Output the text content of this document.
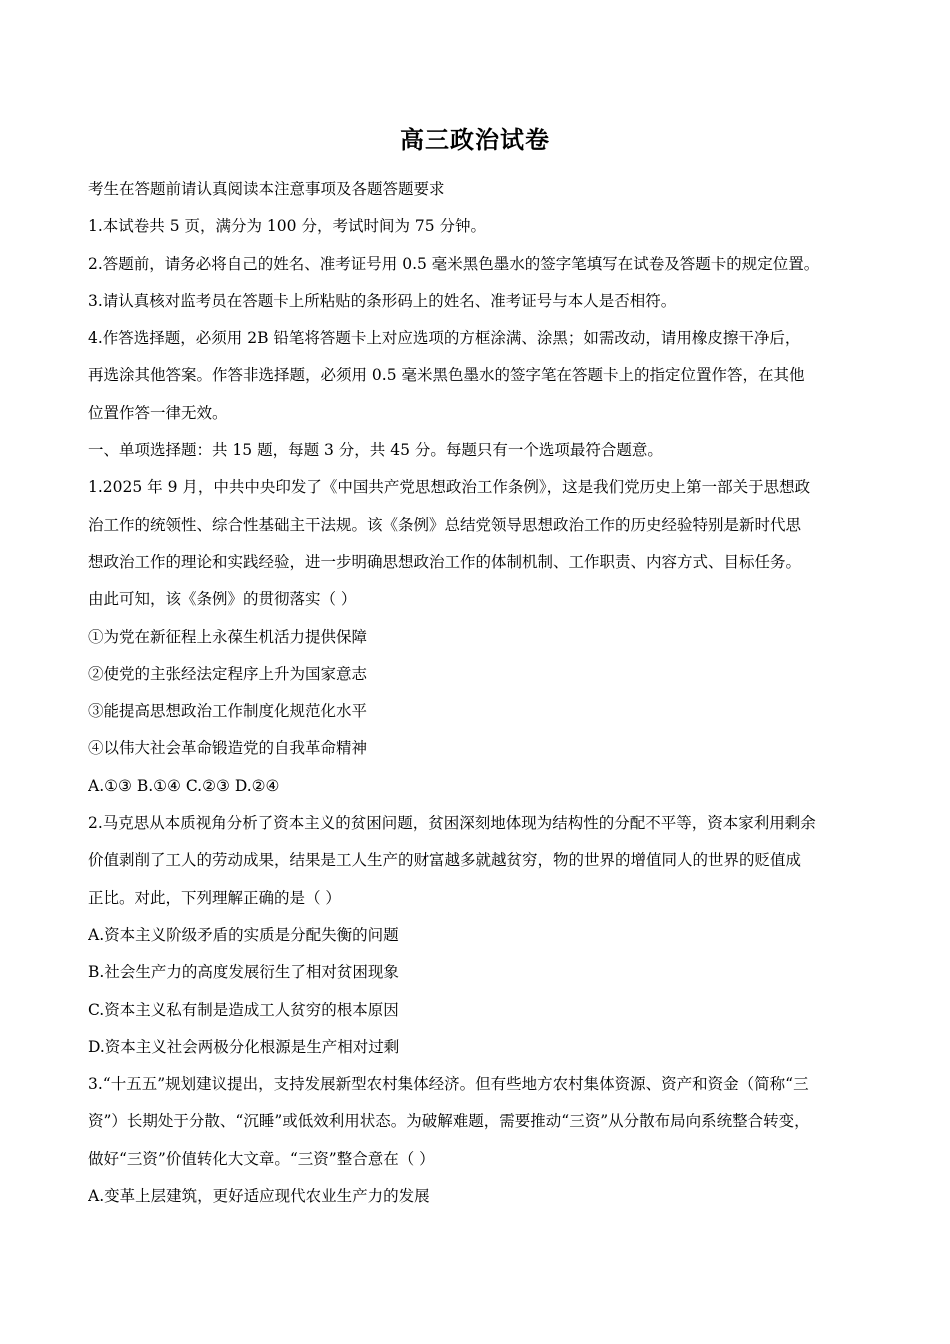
高三政治试卷
考生在答题前请认真阅读本注意事项及各题答题要求
1.本试卷共 5 页，满分为 100 分，考试时间为 75 分钟。
2.答题前，请务必将自己的姓名、准考证号用 0.5 毫米黑色墨水的签字笔填写在试卷及答题卡的规定位置。
3.请认真核对监考员在答题卡上所粘贴的条形码上的姓名、准考证号与本人是否相符。
4.作答选择题，必须用 2B 铅笔将答题卡上对应选项的方框涂满、涂黑；如需改动，请用橡皮擦干净后，
再选涂其他答案。作答非选择题，必须用 0.5 毫米黑色墨水的签字笔在答题卡上的指定位置作答，在其他
位置作答一律无效。
一、单项选择题：共 15 题，每题 3 分，共 45 分。每题只有一个选项最符合题意。
1.2025 年 9 月，中共中央印发了《中国共产党思想政治工作条例》，这是我们党历史上第一部关于思想政
治工作的统领性、综合性基础主干法规。该《条例》总结党领导思想政治工作的历史经验特别是新时代思
想政治工作的理论和实践经验，进一步明确思想政治工作的体制机制、工作职责、内容方式、目标任务。
由此可知，该《条例》的贯彻落实（ ）
①为党在新征程上永葆生机活力提供保障
②使党的主张经法定程序上升为国家意志
③能提高思想政治工作制度化规范化水平
④以伟大社会革命锻造党的自我革命精神
A.①③ B.①④ C.②③ D.②④
2.马克思从本质视角分析了资本主义的贫困问题，贫困深刻地体现为结构性的分配不平等，资本家利用剩余
价值剥削了工人的劳动成果，结果是工人生产的财富越多就越贫穷，物的世界的增值同人的世界的贬值成
正比。对此，下列理解正确的是（ ）
A.资本主义阶级矛盾的实质是分配失衡的问题
B.社会生产力的高度发展衍生了相对贫困现象
C.资本主义私有制是造成工人贫穷的根本原因
D.资本主义社会两极分化根源是生产相对过剩
3.“十五五”规划建议提出，支持发展新型农村集体经济。但有些地方农村集体资源、资产和资金（简称“三
资”）长期处于分散、“沉睡”或低效利用状态。为破解难题，需要推动“三资”从分散布局向系统整合转变，
做好“三资”价值转化大文章。“三资”整合意在（ ）
A.变革上层建筑，更好适应现代农业生产力的发展
